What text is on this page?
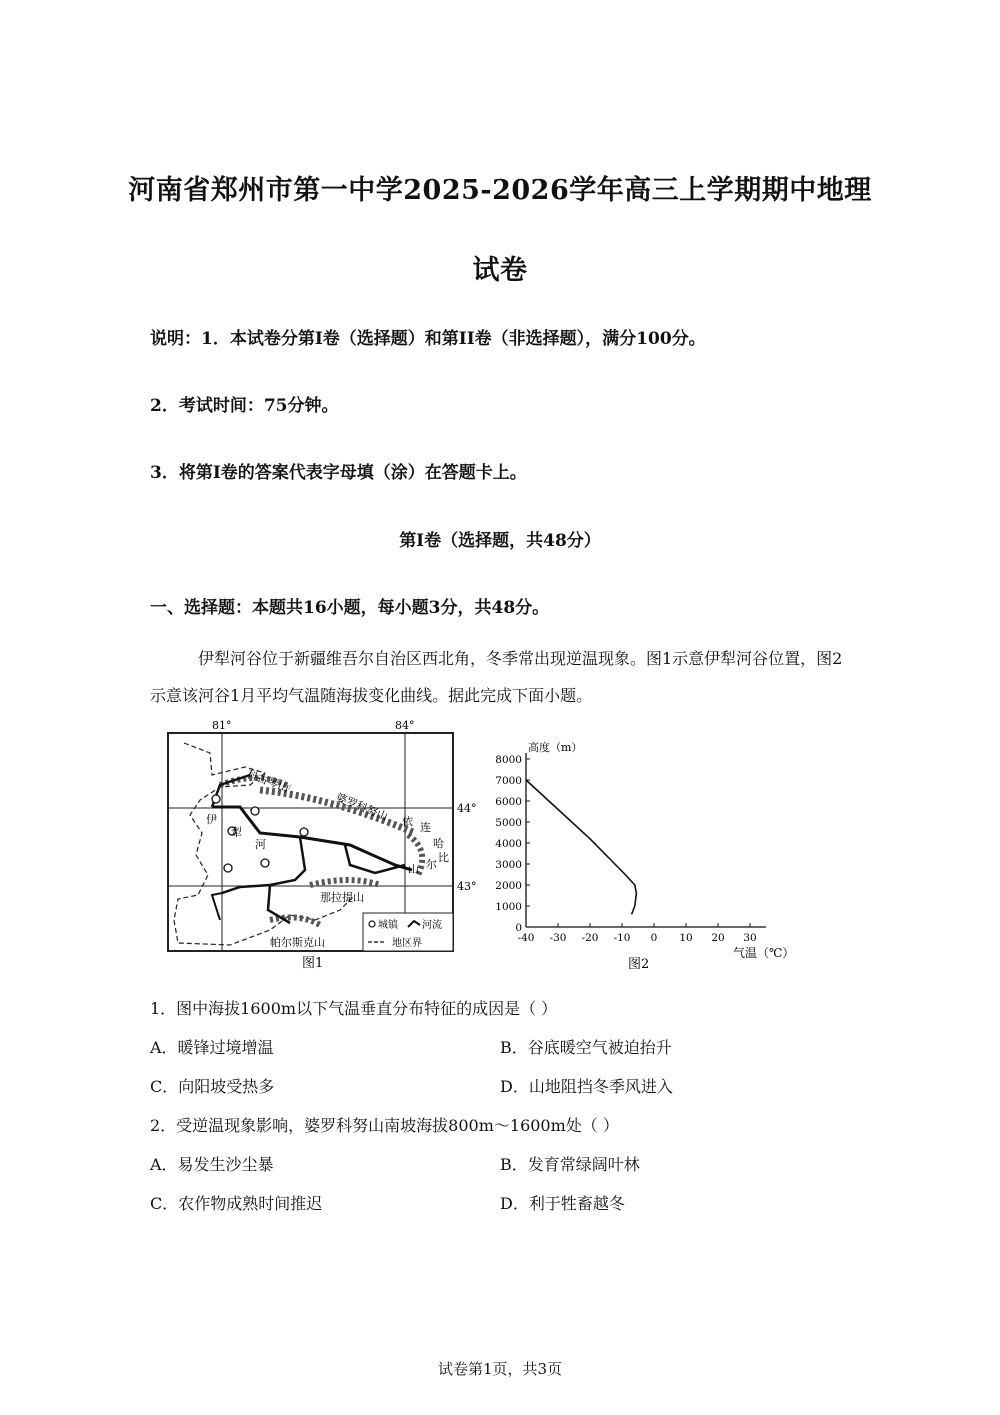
河南省郑州市第一中学2025-2026学年高三上学期期中地理
试卷
说明：1．本试卷分第Ⅰ卷（选择题）和第II卷（非选择题），满分100分。
2．考试时间：75分钟。
3．将第Ⅰ卷的答案代表字母填（涂）在答题卡上。
第Ⅰ卷（选择题，共48分）
一、选择题：本题共16小题，每小题3分，共48分。
伊犁河谷位于新疆维吾尔自治区西北角，冬季常出现逆温现象。图1示意伊犁河谷位置，图2示意该河谷1月平均气温随海拔变化曲线。据此完成下面小题。
81°	84°
44°
43°
科古琴山
婆罗科努山
伊
犁
河
依 连
哈
比
尔
山
那拉提山
帕尔斯克山
城镇 河流
地区界
图1
0
1000
2000
3000
4000
5000
6000
7000
8000
-40 -30 -20 -10 0 10 20 30
高度（m）
气温（℃）
图2
1．图中海拔1600m以下气温垂直分布特征的成因是（ ）
A．暖锋过境增温	B．谷底暖空气被迫抬升
C．向阳坡受热多	D．山地阻挡冬季风进入
2．受逆温现象影响，婆罗科努山南坡海拔800m～1600m处（ ）
A．易发生沙尘暴	B．发育常绿阔叶林
C．农作物成熟时间推迟	D．利于牲畜越冬
试卷第1页，共3页
